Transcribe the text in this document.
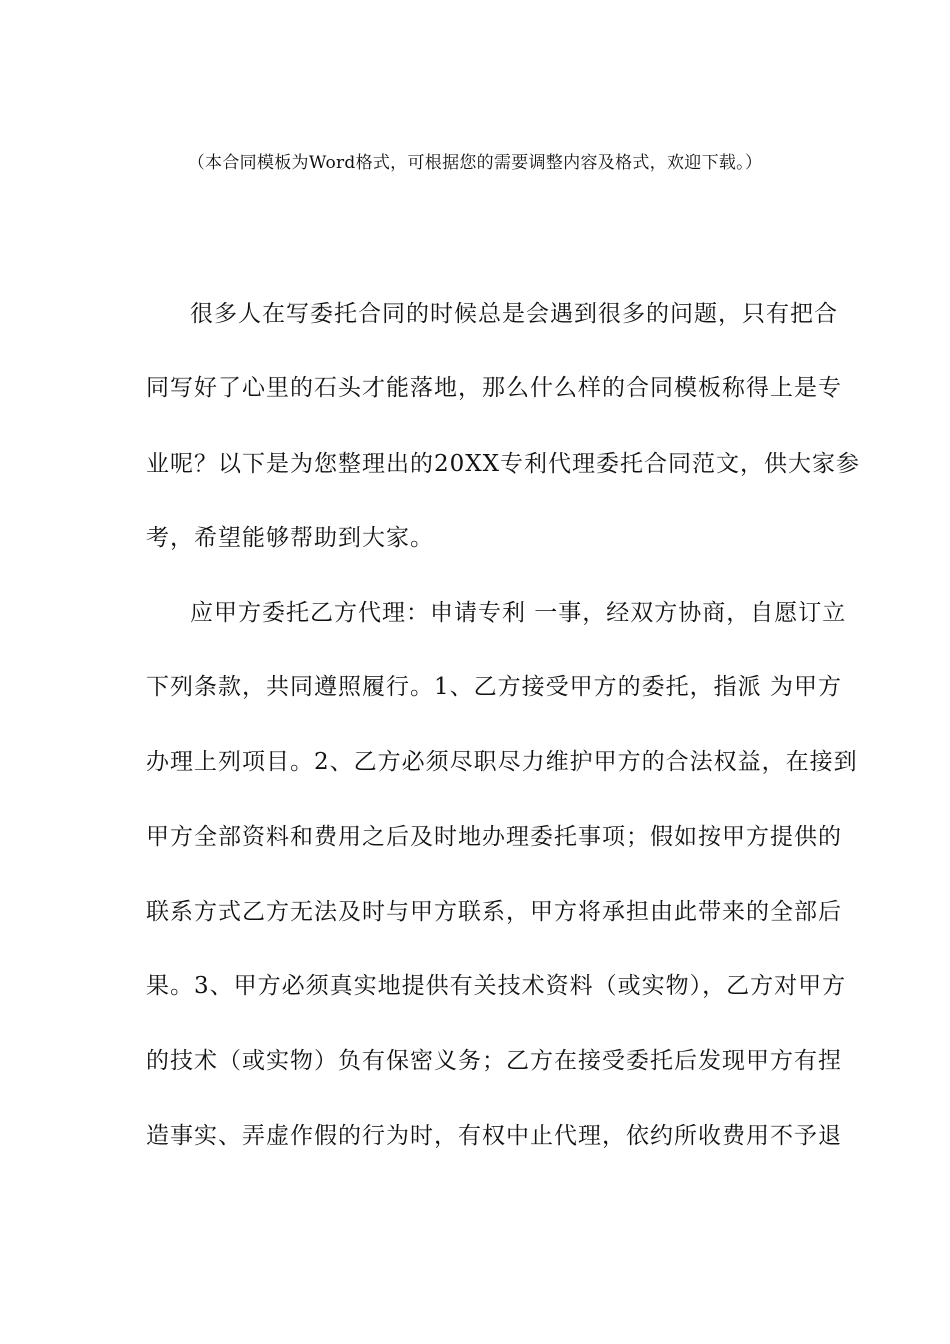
（本合同模板为Word格式，可根据您的需要调整内容及格式，欢迎下载。）
很多人在写委托合同的时候总是会遇到很多的问题，只有把合
同写好了心里的石头才能落地，那么什么样的合同模板称得上是专
业呢？以下是为您整理出的20XX专利代理委托合同范文，供大家参
考，希望能够帮助到大家。
应甲方委托乙方代理：申请专利 一事，经双方协商，自愿订立
下列条款，共同遵照履行。1、乙方接受甲方的委托，指派 为甲方
办理上列项目。2、乙方必须尽职尽力维护甲方的合法权益，在接到
甲方全部资料和费用之后及时地办理委托事项；假如按甲方提供的
联系方式乙方无法及时与甲方联系，甲方将承担由此带来的全部后
果。3、甲方必须真实地提供有关技术资料（或实物），乙方对甲方
的技术（或实物）负有保密义务；乙方在接受委托后发现甲方有捏
造事实、弄虚作假的行为时，有权中止代理，依约所收费用不予退
